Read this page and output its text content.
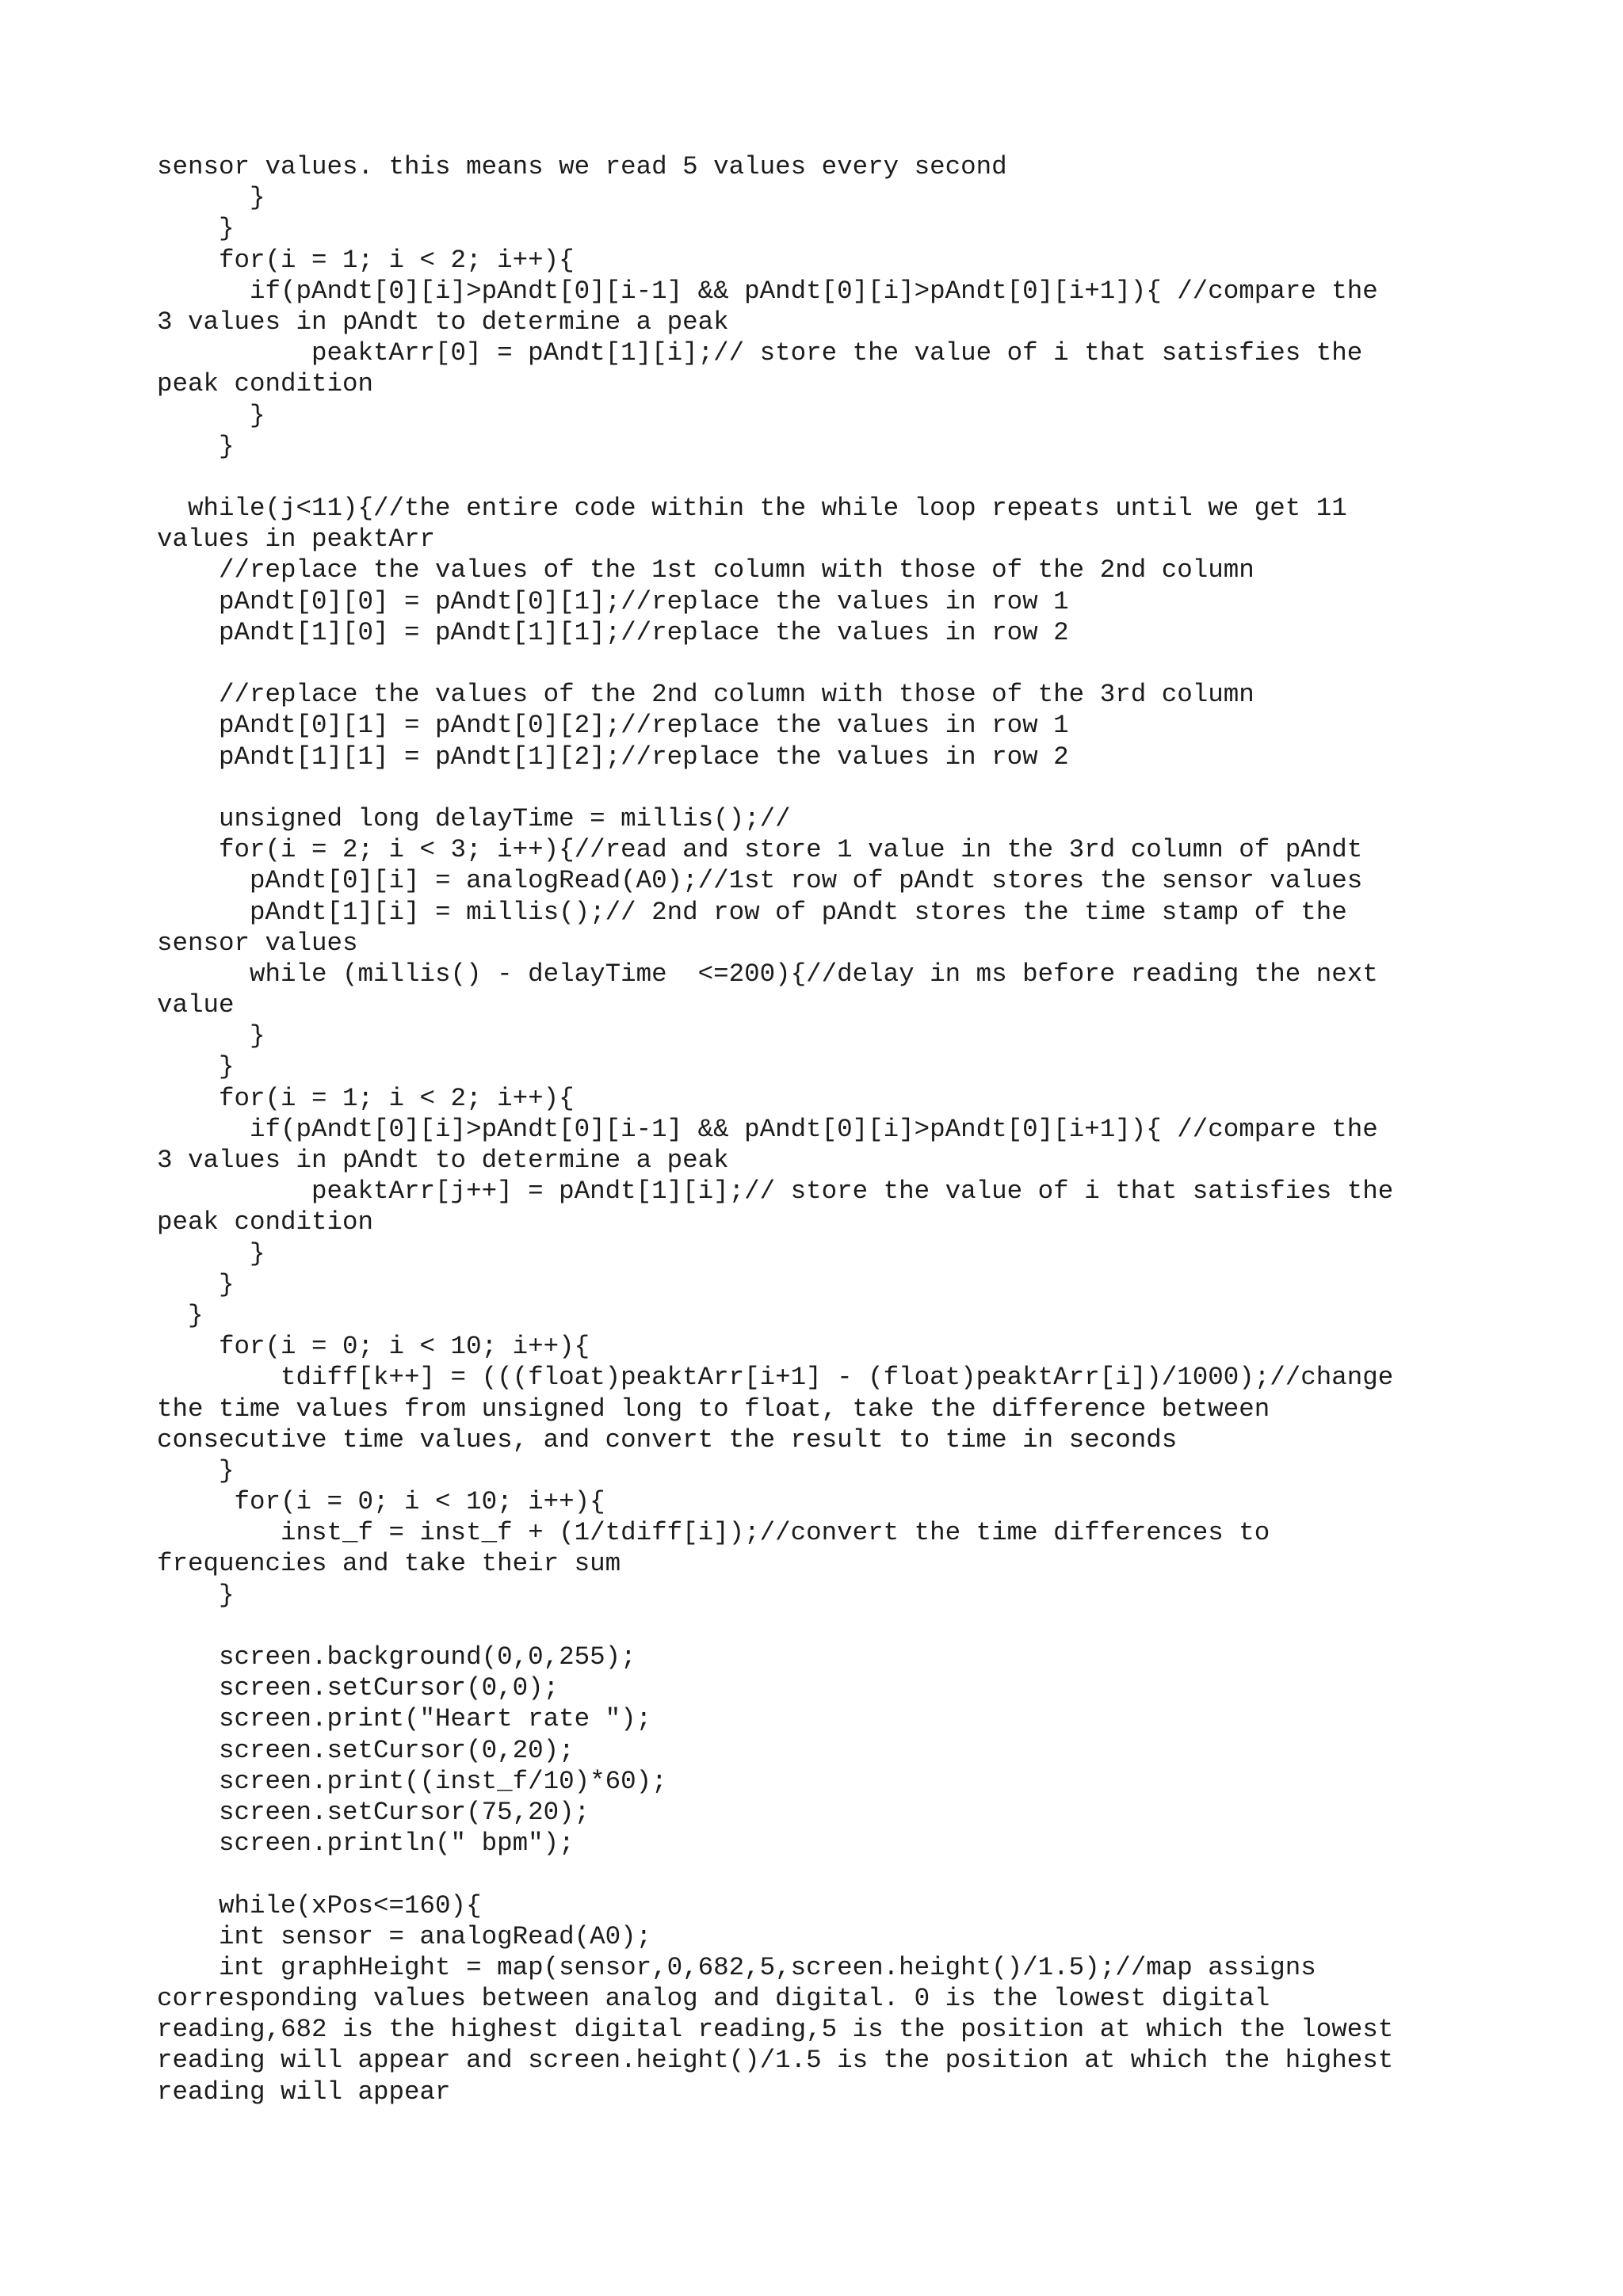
sensor values. this means we read 5 values every second
}
}
for(i = 1; i < 2; i++){
if(pAndt[0][i]>pAndt[0][i-1] && pAndt[0][i]>pAndt[0][i+1]){ //compare the
3 values in pAndt to determine a peak
peaktArr[0] = pAndt[1][i];// store the value of i that satisfies the
peak condition
}
}
while(j<11){//the entire code within the while loop repeats until we get 11
values in peaktArr
//replace the values of the 1st column with those of the 2nd column
pAndt[0][0] = pAndt[0][1];//replace the values in row 1
pAndt[1][0] = pAndt[1][1];//replace the values in row 2
//replace the values of the 2nd column with those of the 3rd column
pAndt[0][1] = pAndt[0][2];//replace the values in row 1
pAndt[1][1] = pAndt[1][2];//replace the values in row 2
unsigned long delayTime = millis();//
for(i = 2; i < 3; i++){//read and store 1 value in the 3rd column of pAndt
pAndt[0][i] = analogRead(A0);//1st row of pAndt stores the sensor values
pAndt[1][i] = millis();// 2nd row of pAndt stores the time stamp of the
sensor values
while (millis() - delayTime  <=200){//delay in ms before reading the next
value
}
}
for(i = 1; i < 2; i++){
if(pAndt[0][i]>pAndt[0][i-1] && pAndt[0][i]>pAndt[0][i+1]){ //compare the
3 values in pAndt to determine a peak
peaktArr[j++] = pAndt[1][i];// store the value of i that satisfies the
peak condition
}
}
}
for(i = 0; i < 10; i++){
tdiff[k++] = (((float)peaktArr[i+1] - (float)peaktArr[i])/1000);//change
the time values from unsigned long to float, take the difference between
consecutive time values, and convert the result to time in seconds
}
for(i = 0; i < 10; i++){
inst_f = inst_f + (1/tdiff[i]);//convert the time differences to
frequencies and take their sum
}
screen.background(0,0,255);
screen.setCursor(0,0);
screen.print("Heart rate ");
screen.setCursor(0,20);
screen.print((inst_f/10)*60);
screen.setCursor(75,20);
screen.println(" bpm");
while(xPos<=160){
int sensor = analogRead(A0);
int graphHeight = map(sensor,0,682,5,screen.height()/1.5);//map assigns
corresponding values between analog and digital. 0 is the lowest digital
reading,682 is the highest digital reading,5 is the position at which the lowest
reading will appear and screen.height()/1.5 is the position at which the highest
reading will appear
